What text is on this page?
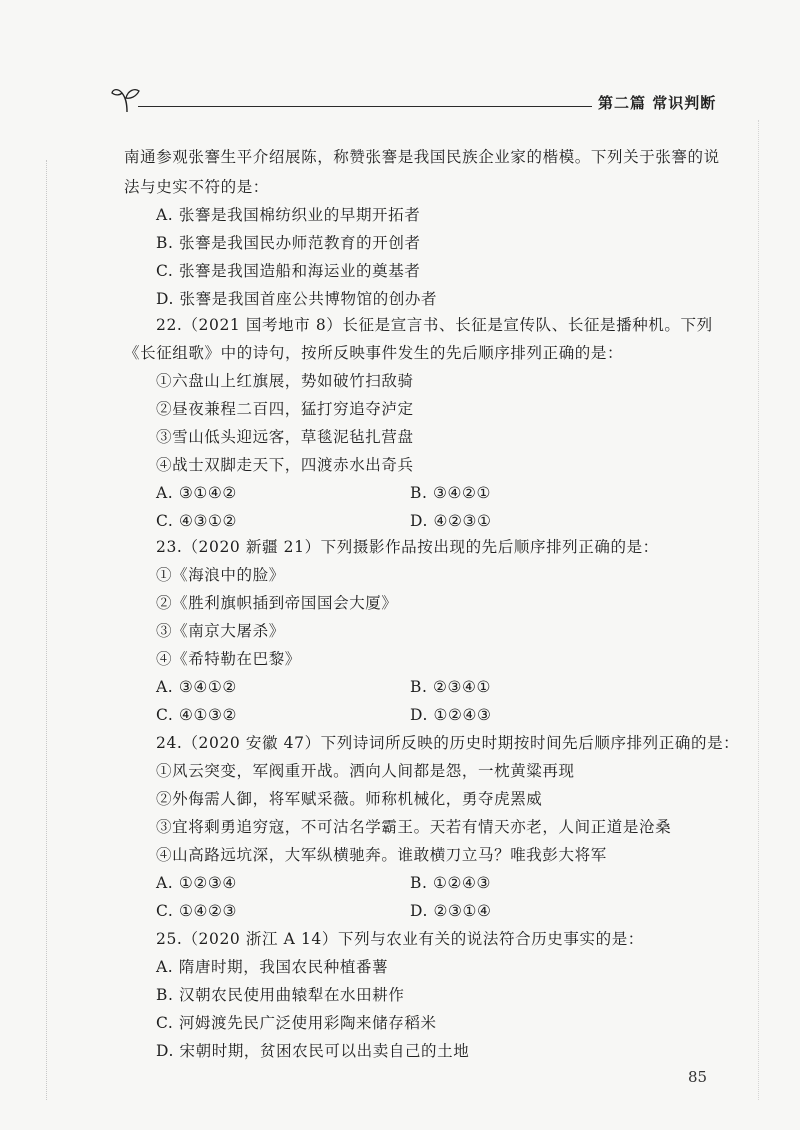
第二篇 常识判断
南通参观张謇生平介绍展陈，称赞张謇是我国民族企业家的楷模。下列关于张謇的说
法与史实不符的是：
A. 张謇是我国棉纺织业的早期开拓者
B. 张謇是我国民办师范教育的开创者
C. 张謇是我国造船和海运业的奠基者
D. 张謇是我国首座公共博物馆的创办者
22.（2021 国考地市 8）长征是宣言书、长征是宣传队、长征是播种机。下列
《长征组歌》中的诗句，按所反映事件发生的先后顺序排列正确的是：
①六盘山上红旗展，势如破竹扫敌骑
②昼夜兼程二百四，猛打穷追夺泸定
③雪山低头迎远客，草毯泥毡扎营盘
④战士双脚走天下，四渡赤水出奇兵
A. ③①④②	B. ③④②①
C. ④③①②	D. ④②③①
23.（2020 新疆 21）下列摄影作品按出现的先后顺序排列正确的是：
①《海浪中的脸》
②《胜利旗帜插到帝国国会大厦》
③《南京大屠杀》
④《希特勒在巴黎》
A. ③④①②	B. ②③④①
C. ④①③②	D. ①②④③
24.（2020 安徽 47）下列诗词所反映的历史时期按时间先后顺序排列正确的是：
①风云突变，军阀重开战。洒向人间都是怨，一枕黄粱再现
②外侮需人御，将军赋采薇。师称机械化，勇夺虎罴威
③宜将剩勇追穷寇，不可沽名学霸王。天若有情天亦老，人间正道是沧桑
④山高路远坑深，大军纵横驰奔。谁敢横刀立马？唯我彭大将军
A. ①②③④	B. ①②④③
C. ①④②③	D. ②③①④
25.（2020 浙江 A 14）下列与农业有关的说法符合历史事实的是：
A. 隋唐时期，我国农民种植番薯
B. 汉朝农民使用曲辕犁在水田耕作
C. 河姆渡先民广泛使用彩陶来储存稻米
D. 宋朝时期，贫困农民可以出卖自己的土地
85
